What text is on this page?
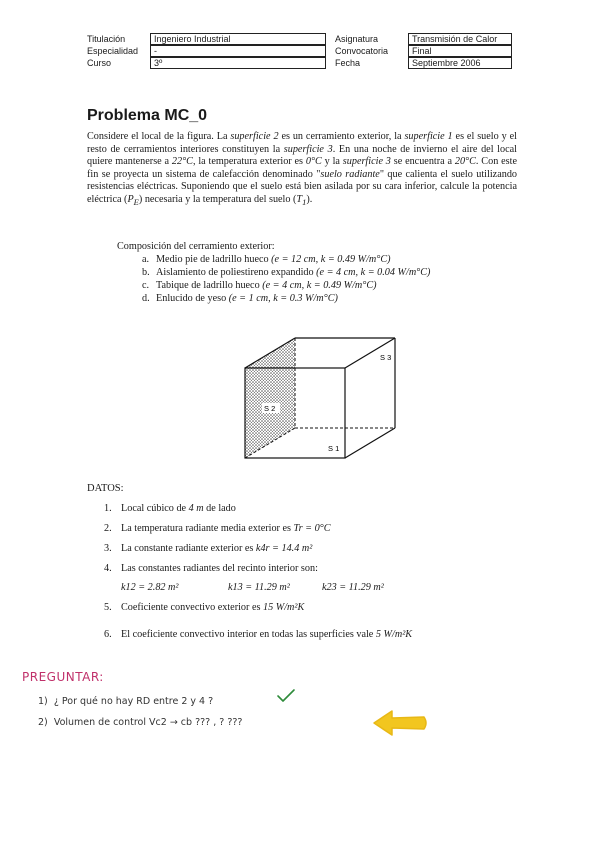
Titulación	Ingeniero Industrial
Especialidad	-
Curso	3º
Asignatura	Transmisión de Calor
Convocatoria	Final
Fecha	Septiembre 2006
Problema MC_0

Considere el local de la figura. La superficie 2 es un cerramiento exterior, la superficie 1 es el suelo y el resto de cerramientos interiores constituyen la superficie 3. En una noche de invierno el aire del local quiere mantenerse a 22°C, la temperatura exterior es 0°C y la superficie 3 se encuentra a 20°C. Con este fin se proyecta un sistema de calefacción denominado "suelo radiante" que calienta el suelo utilizando resistencias eléctricas. Suponiendo que el suelo está bien asilada por su cara inferior, calcule la potencia eléctrica $(P_E)$ necesaria y la temperatura del suelo $(T_1)$.

Composición del cerramiento exterior:
a. Medio pie de ladrillo hueco (e = 12 cm, k = 0.49 W/m°C)
b. Aislamiento de poliestireno expandido (e = 4 cm, k = 0.04 W/m°C)
c. Tabique de ladrillo hueco (e = 4 cm, k = 0.49 W/m°C)
d. Enlucido de yeso (e = 1 cm, k = 0.3 W/m°C)
S 2
S 3
S 1
DATOS:
1. Local cúbico de 4 m de lado
2. La temperatura radiante media exterior es Tr = 0°C
3. La constante radiante exterior es k4r = 14.4 m²
4. Las constantes radiantes del recinto interior son:
k12 = 2.82 m²	k13 = 11.29 m²	k23 = 11.29 m²
5. Coeficiente convectivo exterior es 15 W/m²K
6. El coeficiente convectivo interior en todas las superficies vale 5 W/m²K
PREGUNTAR:
1) ¿ Por qué no hay RD entre 2 y 4 ?
2) Volumen de control Vc2 → cb ??? , ? ???
